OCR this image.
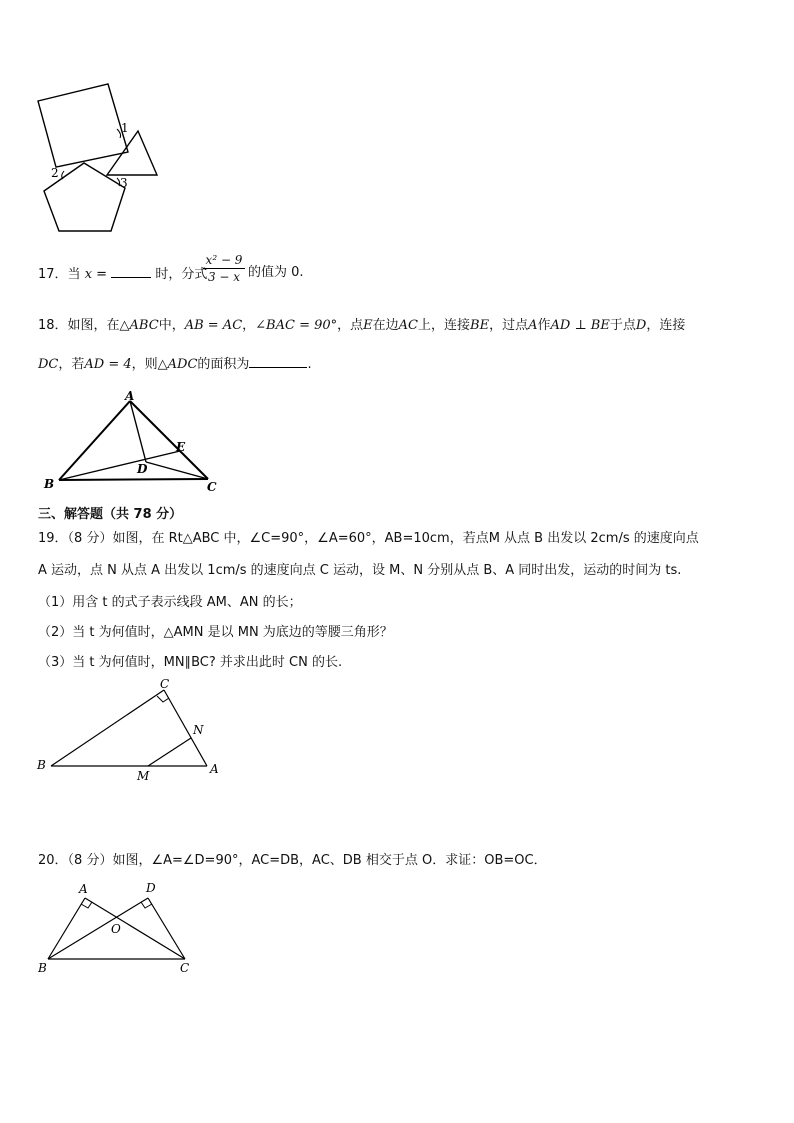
1
2
3
17．当 x =	时，分式
$\frac{\text{x² − 9}}{3 - x}$ 的值为 0.
18．如图，在△ABC中，AB = AC，∠BAC = 90°，点E在边AC上，连接BE，过点A作AD ⊥ BE于点D，连接
DC，若AD = 4，则△ADC的面积为	.
A
B	C
D
E
三、解答题（共 78 分）
19．（8 分）如图，在 Rt△ABC 中，∠C=90°，∠A=60°，AB=10cm，若点M 从点 B 出发以 2cm/s 的速度向点
A 运动，点 N 从点 A 出发以 1cm/s 的速度向点 C 运动，设 M、N 分别从点 B、A 同时出发，运动的时间为 ts.
（1）用含 t 的式子表示线段 AM、AN 的长；
（2）当 t 为何值时，△AMN 是以 MN 为底边的等腰三角形？
（3）当 t 为何值时，MN∥BC? 并求出此时 CN 的长.
C
B	A
M
N
20．（8 分）如图，∠A=∠D=90°，AC=DB，AC、DB 相交于点 O．求证：OB=OC．
A	D
O
B	C
